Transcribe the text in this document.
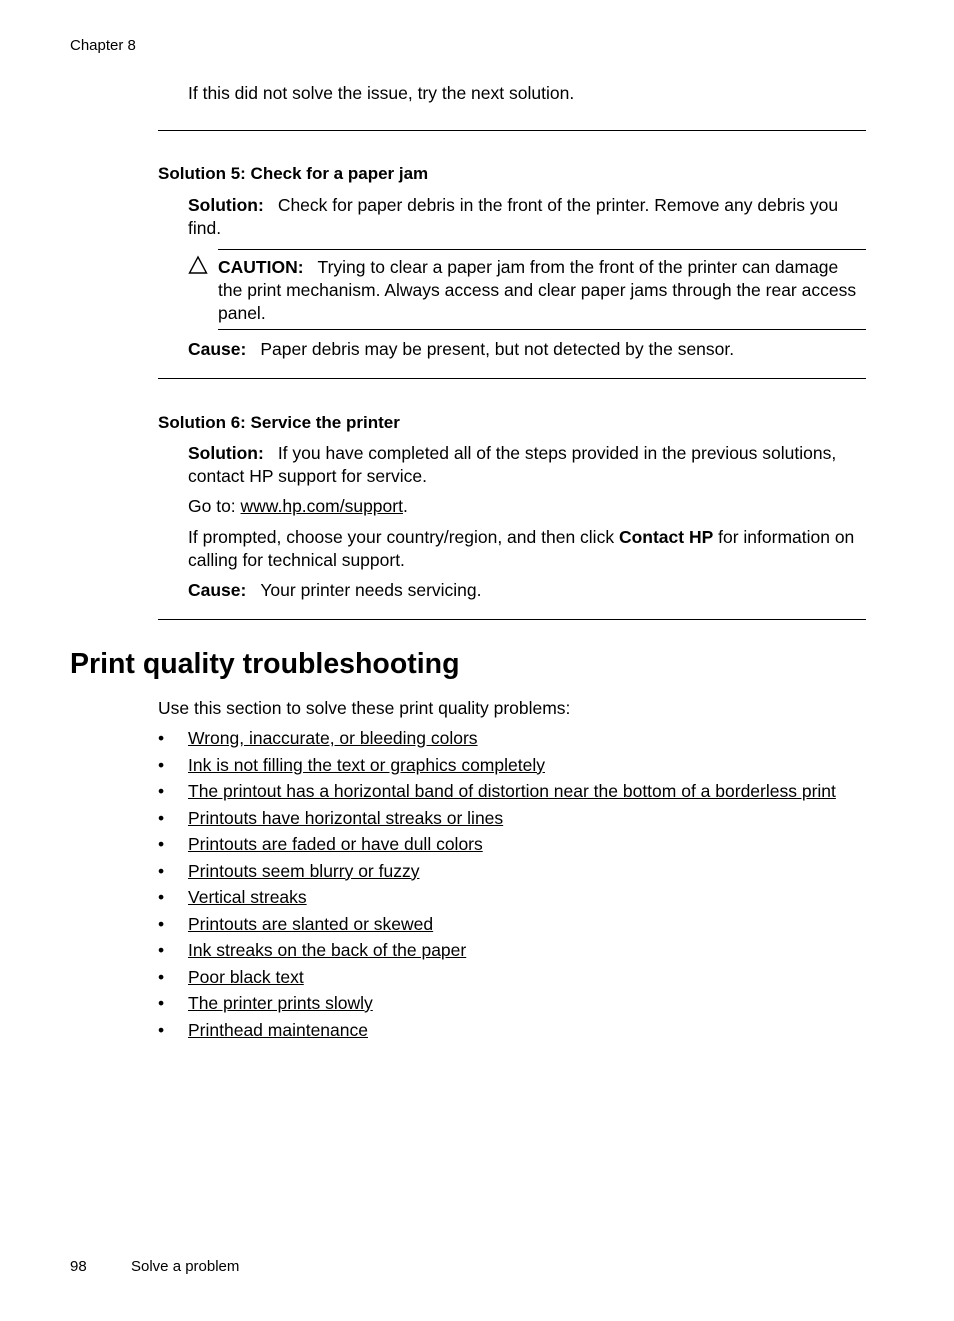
Chapter 8
If this did not solve the issue, try the next solution.
Solution 5: Check for a paper jam
Solution: Check for paper debris in the front of the printer. Remove any debris you find.
CAUTION: Trying to clear a paper jam from the front of the printer can damage the print mechanism. Always access and clear paper jams through the rear access panel.
Cause: Paper debris may be present, but not detected by the sensor.
Solution 6: Service the printer
Solution: If you have completed all of the steps provided in the previous solutions, contact HP support for service.
Go to: www.hp.com/support.
If prompted, choose your country/region, and then click Contact HP for information on calling for technical support.
Cause: Your printer needs servicing.
Print quality troubleshooting
Use this section to solve these print quality problems:
• Wrong, inaccurate, or bleeding colors
• Ink is not filling the text or graphics completely
• The printout has a horizontal band of distortion near the bottom of a borderless print
• Printouts have horizontal streaks or lines
• Printouts are faded or have dull colors
• Printouts seem blurry or fuzzy
• Vertical streaks
• Printouts are slanted or skewed
• Ink streaks on the back of the paper
• Poor black text
• The printer prints slowly
• Printhead maintenance
98	Solve a problem
